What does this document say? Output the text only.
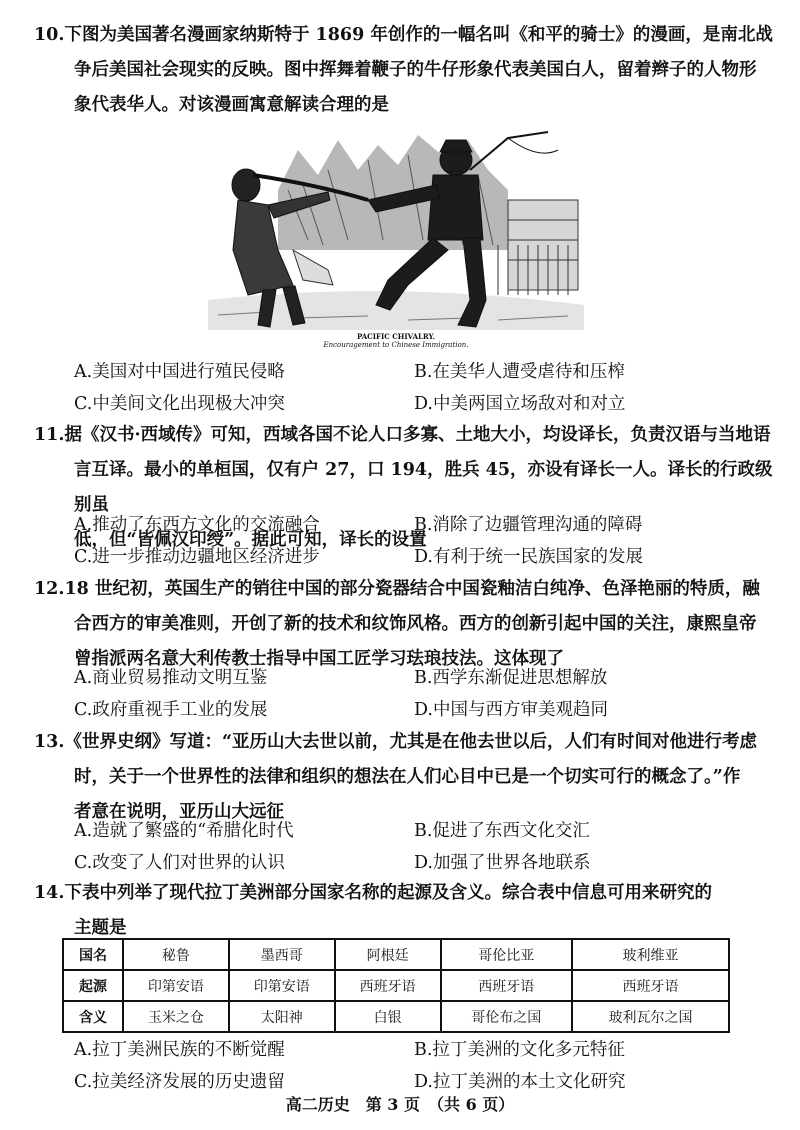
10.下图为美国著名漫画家纳斯特于 1869 年创作的一幅名叫《和平的骑士》的漫画，是南北战
争后美国社会现实的反映。图中挥舞着鞭子的牛仔形象代表美国白人，留着辫子的人物形
象代表华人。对该漫画寓意解读合理的是
PACIFIC CHIVALRY.
Encouragement to Chinese Immigration.
A.美国对中国进行殖民侵略	B.在美华人遭受虐待和压榨
C.中美间文化出现极大冲突	D.中美两国立场敌对和对立
11.据《汉书·西域传》可知，西域各国不论人口多寡、土地大小，均设译长，负责汉语与当地语
言互译。最小的单桓国，仅有户 27，口 194，胜兵 45，亦设有译长一人。译长的行政级别虽
低，但“皆佩汉印绶”。据此可知，译长的设置
A.推动了东西方文化的交流融合	B.消除了边疆管理沟通的障碍
C.进一步推动边疆地区经济进步	D.有利于统一民族国家的发展
12.18 世纪初，英国生产的销往中国的部分瓷器结合中国瓷釉洁白纯净、色泽艳丽的特质，融
合西方的审美准则，开创了新的技术和纹饰风格。西方的创新引起中国的关注，康熙皇帝
曾指派两名意大利传教士指导中国工匠学习珐琅技法。这体现了
A.商业贸易推动文明互鉴	B.西学东渐促进思想解放
C.政府重视手工业的发展	D.中国与西方审美观趋同
13.《世界史纲》写道：“亚历山大去世以前，尤其是在他去世以后，人们有时间对他进行考虑
时，关于一个世界性的法律和组织的想法在人们心目中已是一个切实可行的概念了。”作
者意在说明，亚历山大远征
A.造就了繁盛的“希腊化时代	B.促进了东西文化交汇
C.改变了人们对世界的认识	D.加强了世界各地联系
14.下表中列举了现代拉丁美洲部分国家名称的起源及含义。综合表中信息可用来研究的
主题是
国名	秘鲁	墨西哥	阿根廷	哥伦比亚	玻利维亚
起源	印第安语	印第安语	西班牙语	西班牙语	西班牙语
含义	玉米之仓	太阳神	白银	哥伦布之国	玻利瓦尔之国
A.拉丁美洲民族的不断觉醒	B.拉丁美洲的文化多元特征
C.拉美经济发展的历史遗留	D.拉丁美洲的本土文化研究
高二历史　第 3 页　（共 6 页）
